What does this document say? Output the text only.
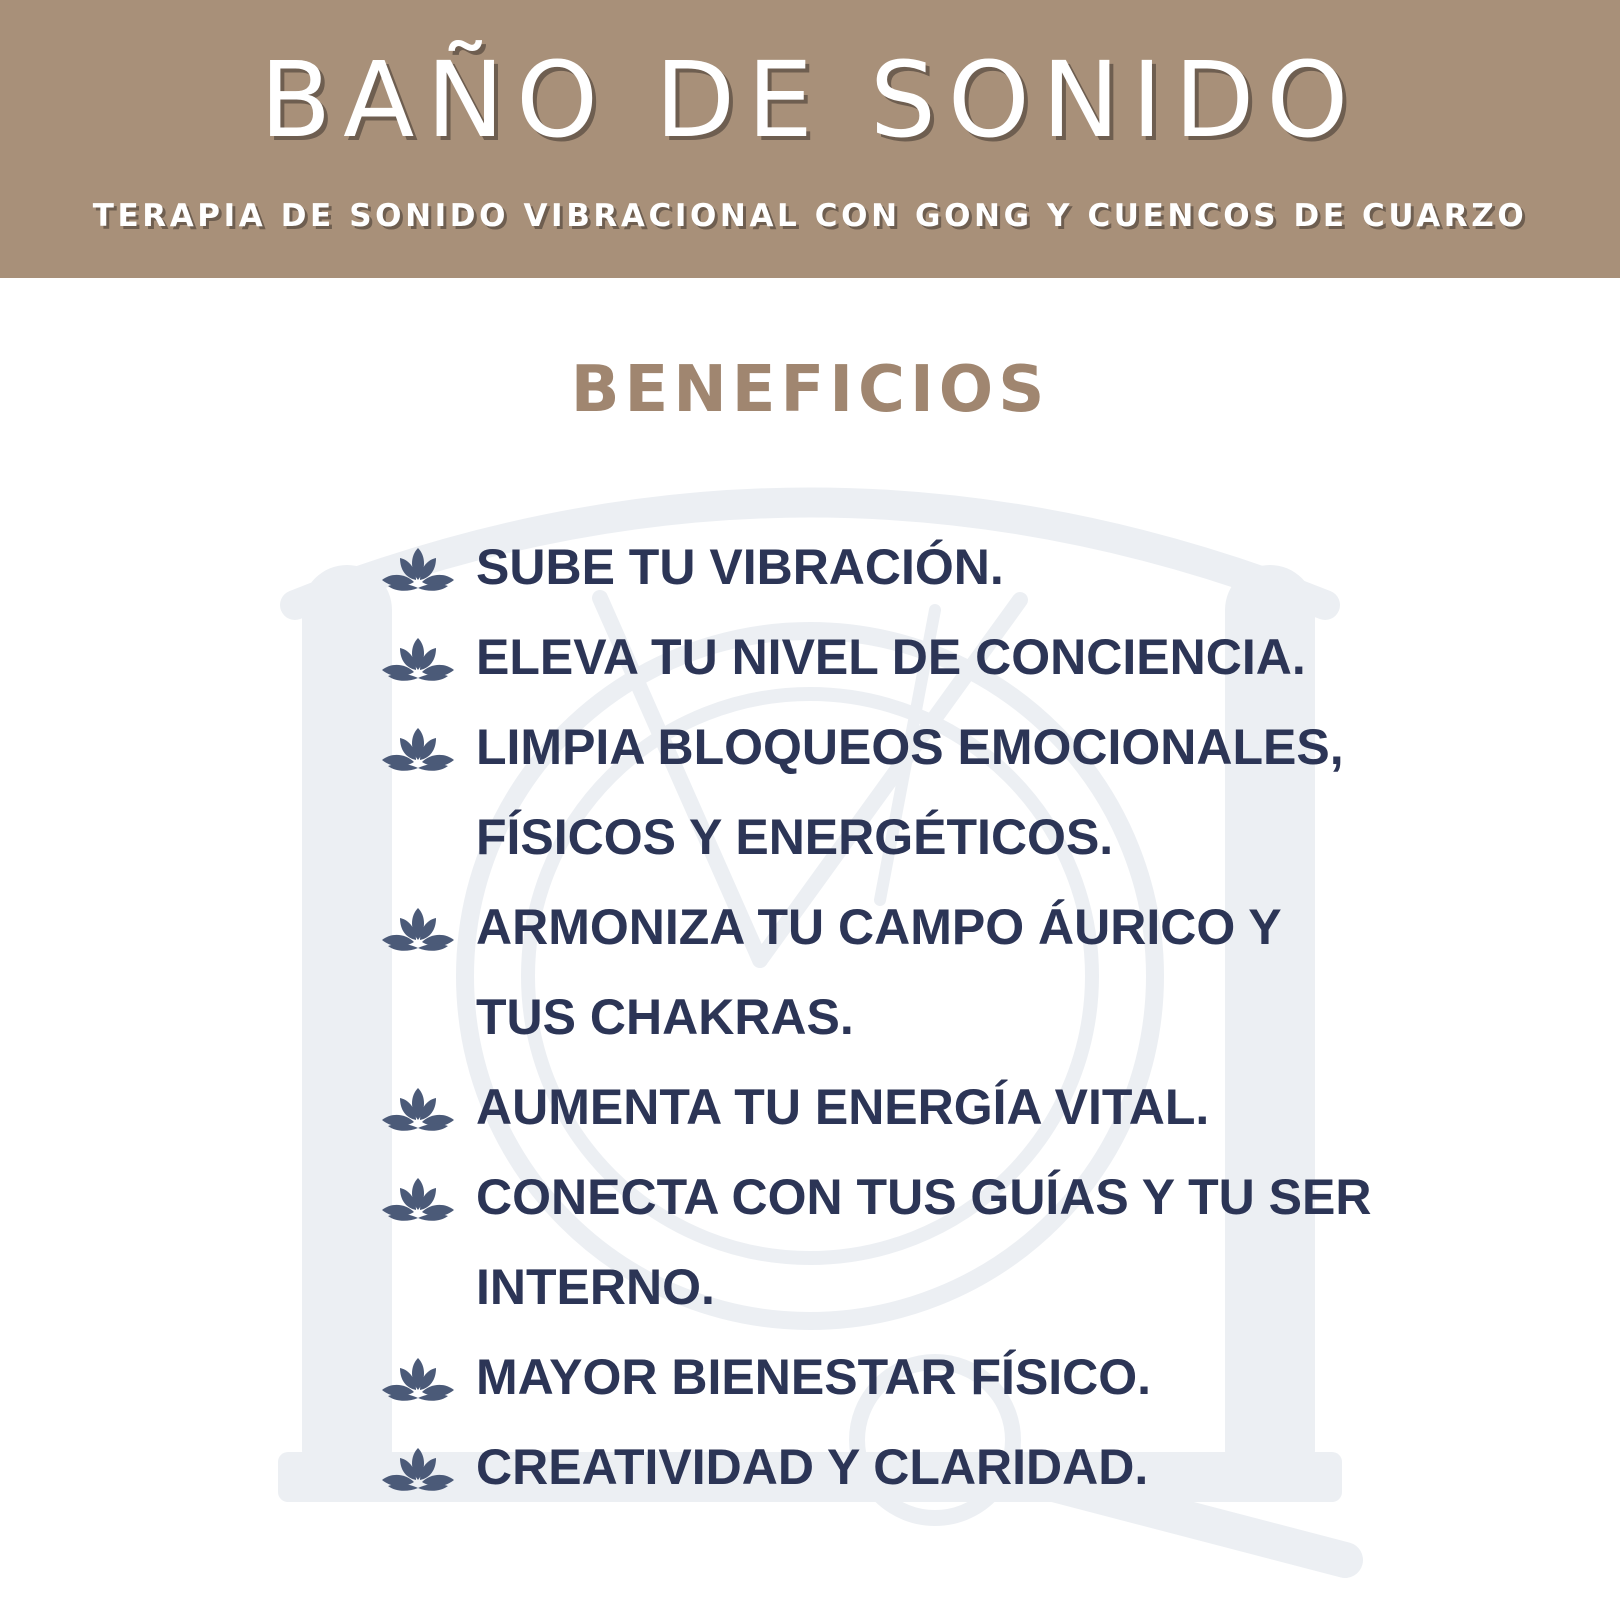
BAÑO DE SONIDO
TERAPIA DE SONIDO VIBRACIONAL CON GONG Y CUENCOS DE CUARZO
BENEFICIOS
SUBE TU VIBRACIÓN.
ELEVA TU NIVEL DE CONCIENCIA.
LIMPIA BLOQUEOS EMOCIONALES,
FÍSICOS Y ENERGÉTICOS.
ARMONIZA TU CAMPO ÁURICO Y
TUS CHAKRAS.
AUMENTA TU ENERGÍA VITAL.
CONECTA CON TUS GUÍAS Y TU SER
INTERNO.
MAYOR BIENESTAR FÍSICO.
CREATIVIDAD Y CLARIDAD.
